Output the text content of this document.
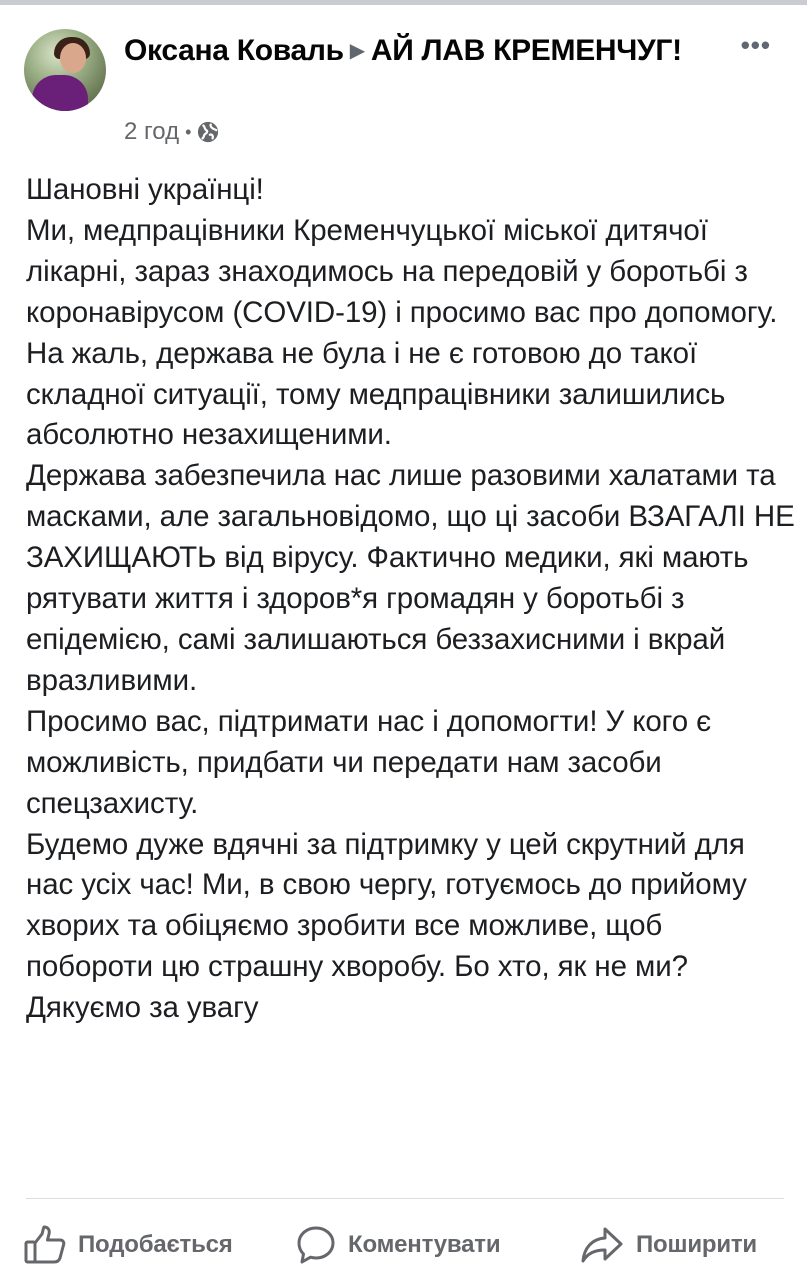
Оксана Коваль ▶ АЙ ЛАВ КРЕМЕНЧУГ!	•••
2 год •
Шановні українці!
Ми, медпрацівники Кременчуцької міської дитячої лікарні, зараз знаходимось на передовій у боротьбі з коронавірусом (COVID-19) і просимо вас про допомогу.
На жаль, держава не була і не є готовою до такої складної ситуації, тому медпрацівники залишились абсолютно незахищеними.
Держава забезпечила нас лише разовими халатами та масками, але загальновідомо, що ці засоби ВЗАГАЛІ НЕ ЗАХИЩАЮТЬ від вірусу. Фактично медики, які мають рятувати життя і здоров*я громадян у боротьбі з епідемією, самі залишаються беззахисними і вкрай вразливими.
Просимо вас, підтримати нас і допомогти! У кого є можливість, придбати чи передати нам засоби спецзахисту.
Будемо дуже вдячні за підтримку у цей скрутний для нас усіх час! Ми, в свою чергу, готуємось до прийому хворих та обіцяємо зробити все можливе, щоб побороти цю страшну хворобу. Бо хто, як не ми?
Дякуємо за увагу
Подобається	Коментувати	Поширити
